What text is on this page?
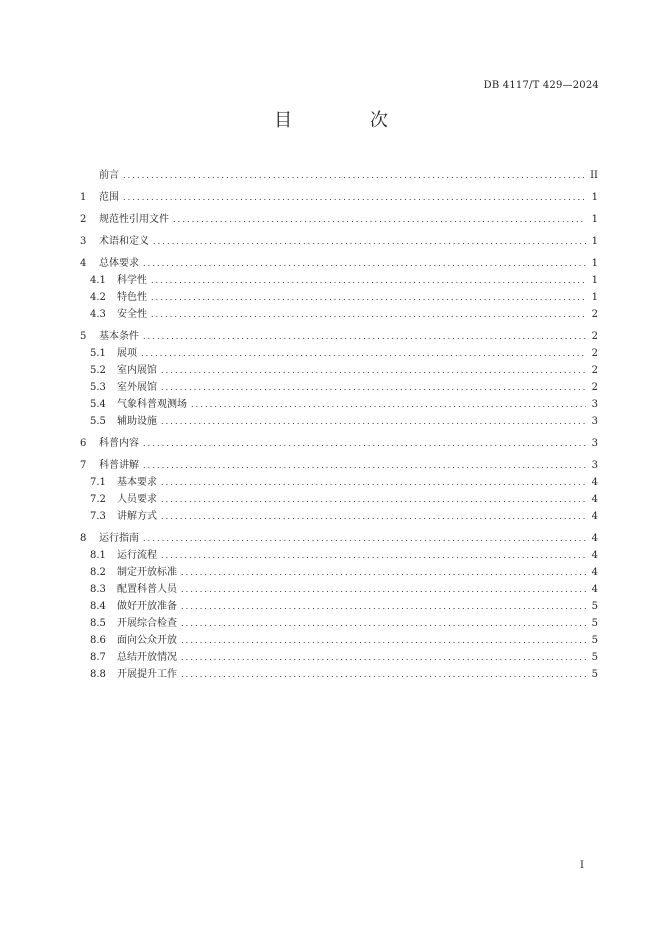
DB 4117/T 429—2024
目 次
前言 . . .	II
1	范围 . . .	1
2	规范性引用文件 . . .	1
3	术语和定义 . . .	1
4	总体要求 . . .	1
4.1	科学性 . . .	1
4.2	特色性 . . .	1
4.3	安全性 . . .	2
5	基本条件 . . .	2
5.1	展项 . . .	2
5.2	室内展馆 . . .	2
5.3	室外展馆 . . .	2
5.4	气象科普观测场 . . .	3
5.5	辅助设施 . . .	3
6	科普内容 . . .	3
7	科普讲解 . . .	3
7.1	基本要求 . . .	4
7.2	人员要求 . . .	4
7.3	讲解方式 . . .	4
8	运行指南 . . .	4
8.1	运行流程 . . .	4
8.2	制定开放标准 . . .	4
8.3	配置科普人员 . . .	4
8.4	做好开放准备 . . .	5
8.5	开展综合检查 . . .	5
8.6	面向公众开放 . . .	5
8.7	总结开放情况 . . .	5
8.8	开展提升工作 . . .	5
I
